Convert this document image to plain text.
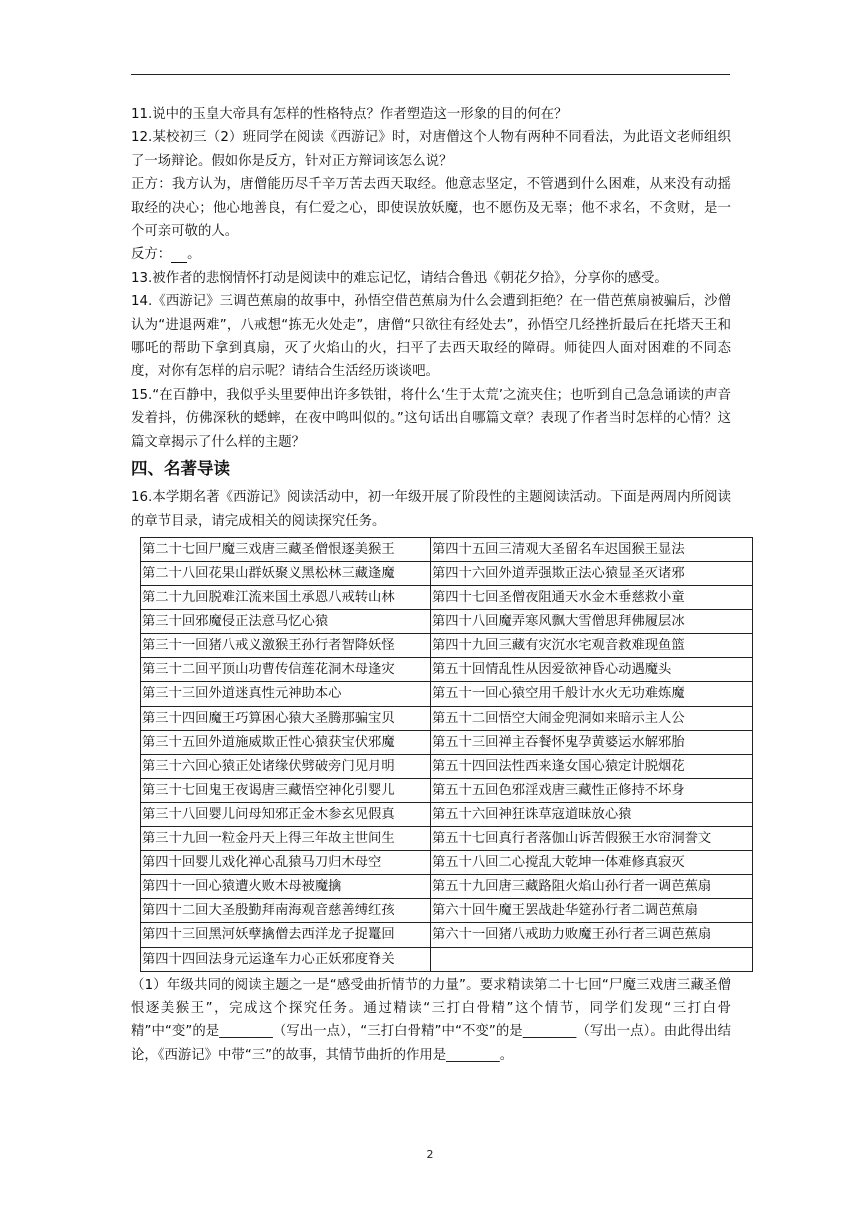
11.说中的玉皇大帝具有怎样的性格特点？作者塑造这一形象的目的何在？

12.某校初三（2）班同学在阅读《西游记》时，对唐僧这个人物有两种不同看法，为此语文老师组织了一场辩论。假如你是反方，针对正方辩词该怎么说？

正方：我方认为，唐僧能历尽千辛万苦去西天取经。他意志坚定，不管遇到什么困难，从来没有动摇取经的决心；他心地善良，有仁爱之心，即使误放妖魔，也不愿伤及无辜；他不求名，不贪财，是一个可亲可敬的人。

反方： 。

13.被作者的悲悯情怀打动是阅读中的难忘记忆，请结合鲁迅《朝花夕拾》，分享你的感受。

14.《西游记》三调芭蕉扇的故事中，孙悟空借芭蕉扇为什么会遭到拒绝？在一借芭蕉扇被骗后，沙僧认为“进退两难”，八戒想“拣无火处走”，唐僧“只欲往有经处去”，孙悟空几经挫折最后在托塔天王和哪吒的帮助下拿到真扇，灭了火焰山的火，扫平了去西天取经的障碍。师徒四人面对困难的不同态度，对你有怎样的启示呢？请结合生活经历谈谈吧。

15.“在百静中，我似乎头里要伸出许多铁钳，将什么‘生于太荒’之流夹住；也听到自己急急诵读的声音发着抖，仿佛深秋的蟋蟀，在夜中鸣叫似的。”这句话出自哪篇文章？表现了作者当时怎样的心情？这篇文章揭示了什么样的主题？

四、名著导读

16.本学期名著《西游记》阅读活动中，初一年级开展了阶段性的主题阅读活动。下面是两周内所阅读的章节目录，请完成相关的阅读探究任务。

第二十七回尸魔三戏唐三藏圣僧恨逐美猴王	第四十五回三清观大圣留名车迟国猴王显法
第二十八回花果山群妖聚义黑松林三藏逢魔	第四十六回外道弄强欺正法心猿显圣灭诸邪
第二十九回脱难江流来国土承恩八戒转山林	第四十七回圣僧夜阻通天水金木垂慈救小童
第三十回邪魔侵正法意马忆心猿	第四十八回魔弄寒风飘大雪僧思拜佛履层冰
第三十一回猪八戒义激猴王孙行者智降妖怪	第四十九回三藏有灾沉水宅观音救难现鱼篮
第三十二回平顶山功曹传信莲花洞木母逢灾	第五十回情乱性从因爱欲神昏心动遇魔头
第三十三回外道迷真性元神助本心	第五十一回心猿空用千般计水火无功难炼魔
第三十四回魔王巧算困心猿大圣腾那骗宝贝	第五十二回悟空大闹金兜洞如来暗示主人公
第三十五回外道施威欺正性心猿获宝伏邪魔	第五十三回禅主吞餐怀鬼孕黄婆运水解邪胎
第三十六回心猿正处诸缘伏劈破旁门见月明	第五十四回法性西来逢女国心猿定计脱烟花
第三十七回鬼王夜谒唐三藏悟空神化引婴儿	第五十五回色邪淫戏唐三藏性正修持不坏身
第三十八回婴儿问母知邪正金木参玄见假真	第五十六回神狂诛草寇道昧放心猿
第三十九回一粒金丹天上得三年故主世间生	第五十七回真行者落伽山诉苦假猴王水帘洞誊文
第四十回婴儿戏化禅心乱猿马刀归木母空	第五十八回二心搅乱大乾坤一体难修真寂灭
第四十一回心猿遭火败木母被魔擒	第五十九回唐三藏路阻火焰山孙行者一调芭蕉扇
第四十二回大圣殷勤拜南海观音慈善缚红孩	第六十回牛魔王罢战赴华筵孙行者二调芭蕉扇
第四十三回黑河妖孽擒僧去西洋龙子捉鼍回	第六十一回猪八戒助力败魔王孙行者三调芭蕉扇
第四十四回法身元运逢车力心正妖邪度脊关	

（1）年级共同的阅读主题之一是“感受曲折情节的力量”。要求精读第二十七回“尸魔三戏唐三藏圣僧恨逐美猴王”，完成这个探究任务。通过精读“三打白骨精”这个情节，同学们发现“三打白骨精”中“变”的是________（写出一点），“三打白骨精”中“不变”的是________（写出一点）。由此得出结论，《西游记》中带“三”的故事，其情节曲折的作用是________。

2
